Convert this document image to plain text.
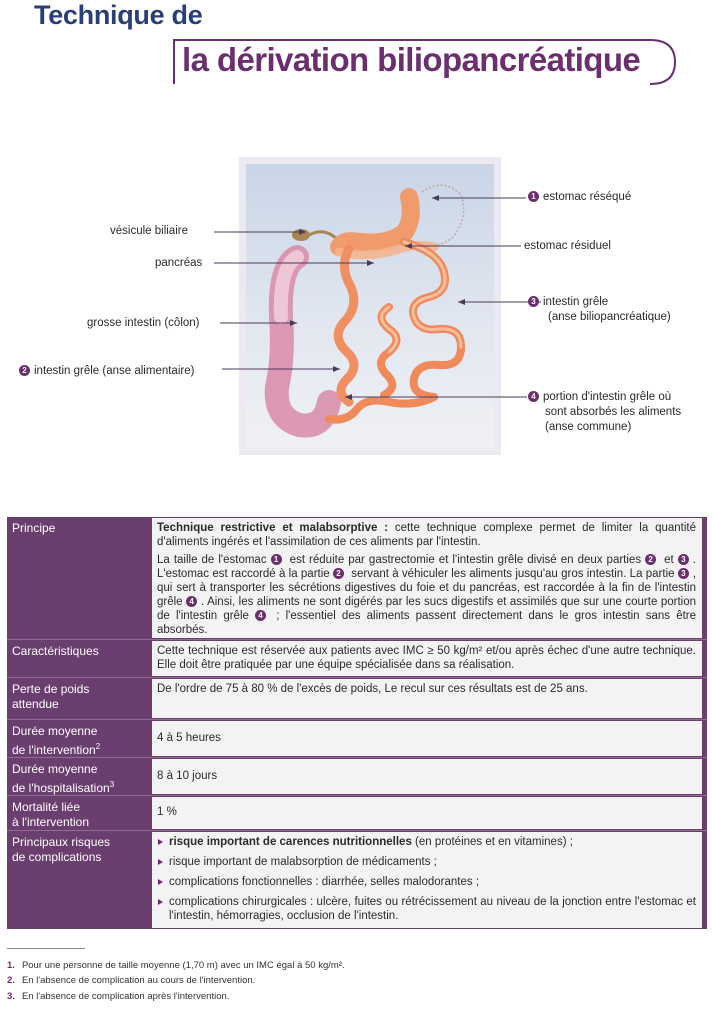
Technique de
la dérivation biliopancréatique
1 estomac réséqué
vésicule biliaire
estomac résiduel
pancréas
3 intestin grêle
(anse biliopancréatique)
grosse intestin (côlon)
2 intestin grêle (anse alimentaire)
4 portion d'intestin grêle où
sont absorbés les aliments
(anse commune)
Principe	Technique restrictive et malabsorptive : cette technique complexe permet de limiter la quantité d'aliments ingérés et l'assimilation de ces aliments par l'intestin.

La taille de l'estomac 1 est réduite par gastrectomie et l'intestin grêle divisé en deux parties 2 et 3 . L'estomac est raccordé à la partie 2 servant à véhiculer les aliments jusqu'au gros intestin. La partie 3 , qui sert à transporter les sécrétions digestives du foie et du pancréas, est raccordée à la fin de l'intestin grêle 4 . Ainsi, les aliments ne sont digérés par les sucs digestifs et assimilés que sur une courte portion de l'intestin grêle 4 ; l'essentiel des aliments passent directement dans le gros intestin sans être absorbés.

Caractéristiques	Cette technique est réservée aux patients avec IMC ≥ 50 kg/m² et/ou après échec d'une autre technique. Elle doit être pratiquée par une équipe spécialisée dans sa réalisation.
Perte de poids
attendue
De l'ordre de 75 à 80 % de l'excès de poids, Le recul sur ces résultats est de 25 ans.
Durée moyenne
de l'intervention$^2$
4 à 5 heures
Durée moyenne
de l'hospitalisation$^3$
8 à 10 jours
Mortalité liée
à l'intervention
1 %
Principaux risques
de complications
risque important de carences nutritionnelles (en protéines et en vitamines) ;
risque important de malabsorption de médicaments ;
complications fonctionnelles : diarrhée, selles malodorantes ;
complications chirurgicales : ulcère, fuites ou rétrécissement au niveau de la jonction entre l'estomac et l'intestin, hémorragies, occlusion de l'intestin.
1. Pour une personne de taille moyenne (1,70 m) avec un IMC égal à 50 kg/m².
2. En l'absence de complication au cours de l'intervention.
3. En l'absence de complication après l'intervention.
